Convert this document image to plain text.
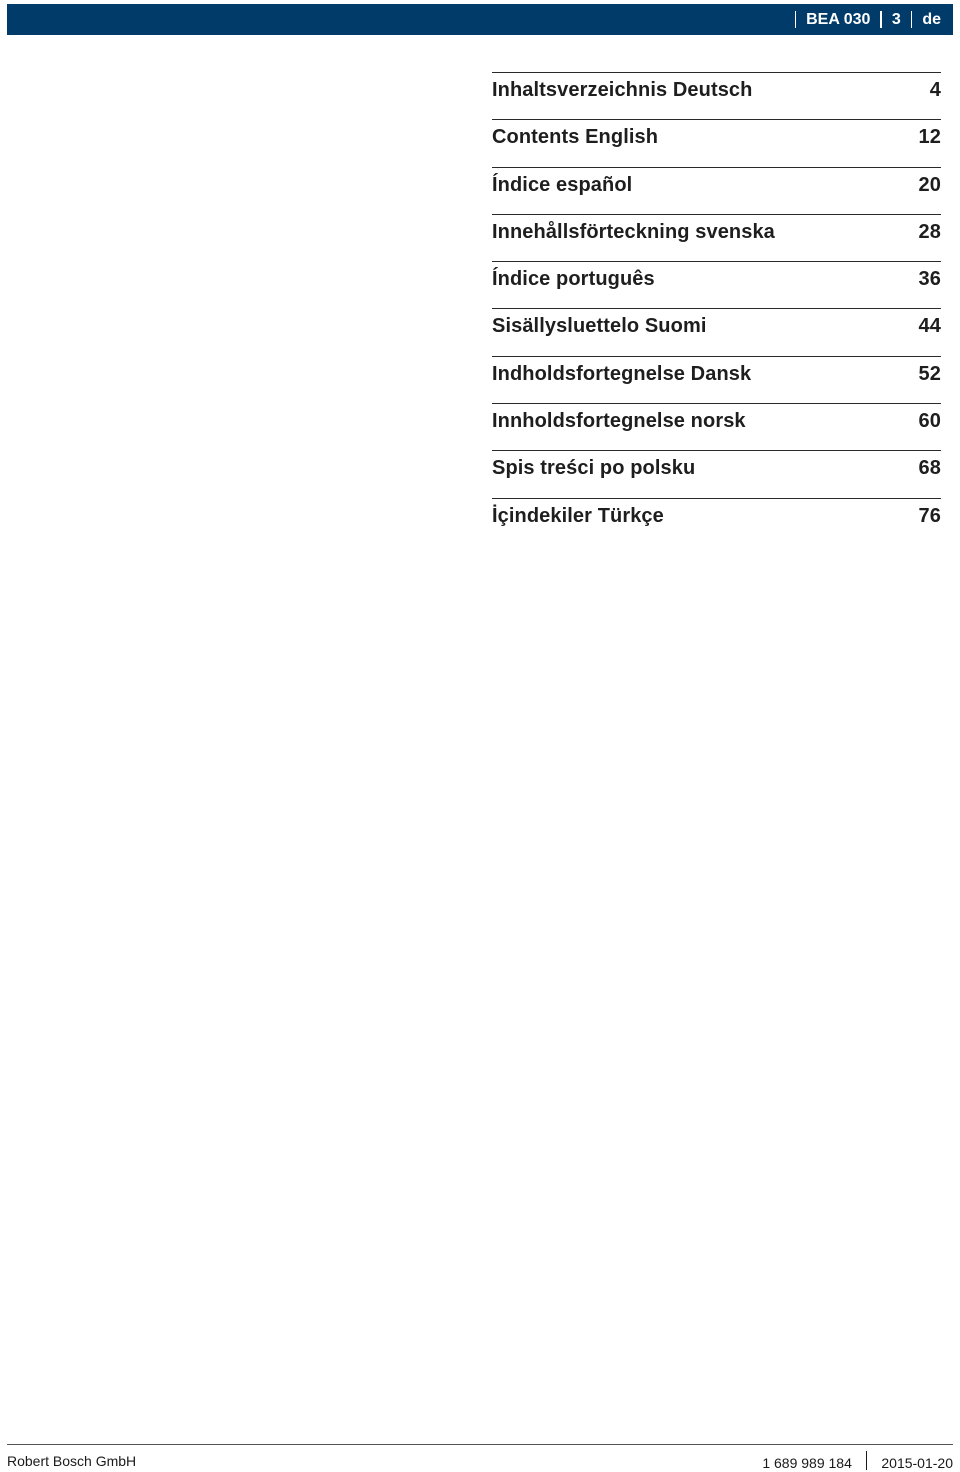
BEA 030 3 de
Inhaltsverzeichnis Deutsch	4
Contents English	12
Índice español	20
Innehållsförteckning svenska	28
Índice português	36
Sisällysluettelo Suomi	44
Indholdsfortegnelse Dansk	52
Innholdsfortegnelse norsk	60
Spis treści po polsku	68
İçindekiler Türkçe	76
Robert Bosch GmbH	1 689 989 184 2015-01-20
